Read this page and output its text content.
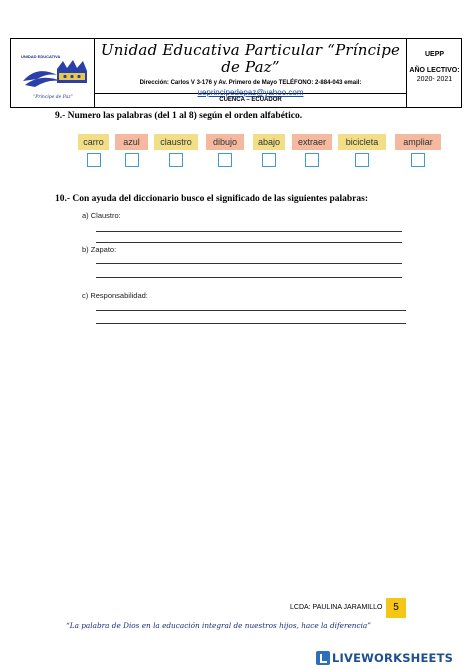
UNIDAD EDUCATIVA
“Príncipe de Paz”
Unidad Educativa Particular “Príncipe de Paz”
Dirección: Carlos V 3-176 y Av. Primero de Mayo TELÉFONO: 2-884-043 email:
ueprincipedepaz@yahoo.com
CUENCA – ECUADOR
UEPP
AÑO LECTIVO:
2020- 2021
9.- Numero las palabras (del 1 al 8) según el orden alfabético.
carro	azul	claustro	dibujo	abajo	extraer	bicicleta	ampliar
10.- Con ayuda del diccionario busco el significado de las siguientes palabras:
a) Claustro:
b) Zapato:
c) Responsabilidad:
LCDA: PAULINA JARAMILLO	5
“La palabra de Dios en la educación integral de nuestros hijos, hace la diferencia”
LIVEWORKSHEETS
